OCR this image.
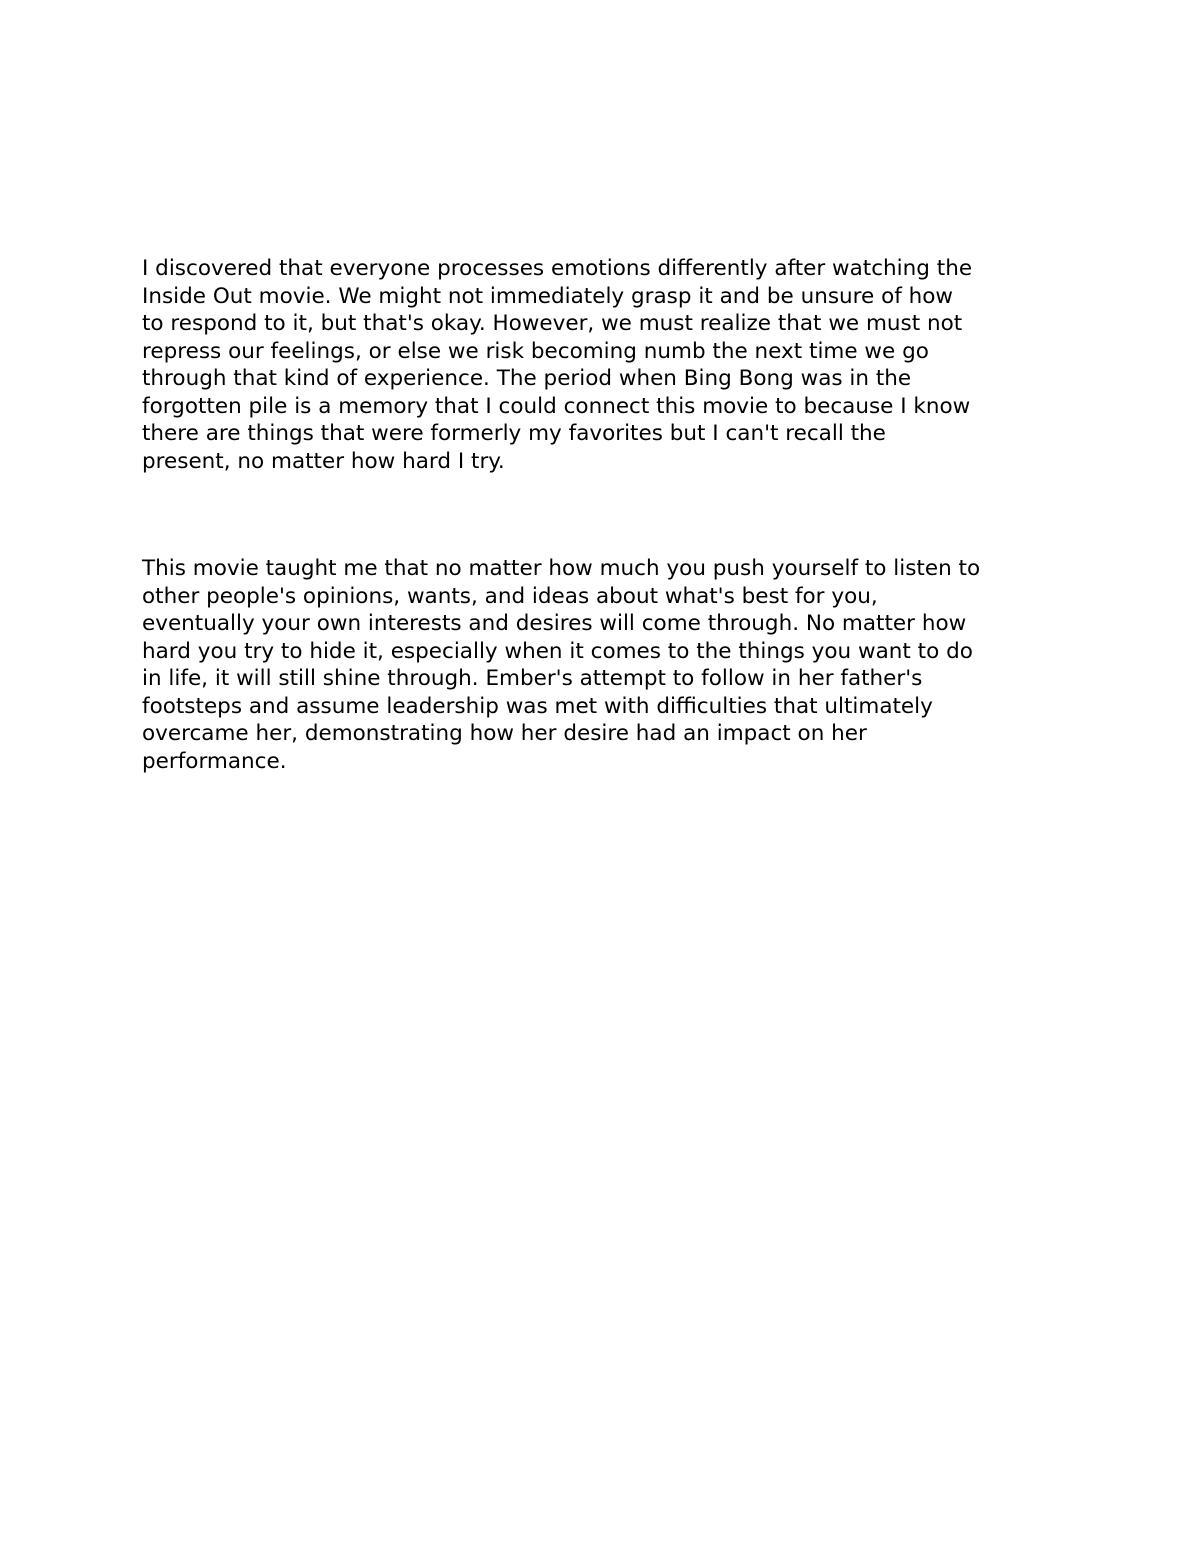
I discovered that everyone processes emotions differently after watching the
Inside Out movie. We might not immediately grasp it and be unsure of how
to respond to it, but that's okay. However, we must realize that we must not
repress our feelings, or else we risk becoming numb the next time we go
through that kind of experience. The period when Bing Bong was in the
forgotten pile is a memory that I could connect this movie to because I know
there are things that were formerly my favorites but I can't recall the
present, no matter how hard I try.

This movie taught me that no matter how much you push yourself to listen to
other people's opinions, wants, and ideas about what's best for you,
eventually your own interests and desires will come through. No matter how
hard you try to hide it, especially when it comes to the things you want to do
in life, it will still shine through. Ember's attempt to follow in her father's
footsteps and assume leadership was met with difficulties that ultimately
overcame her, demonstrating how her desire had an impact on her
performance.
